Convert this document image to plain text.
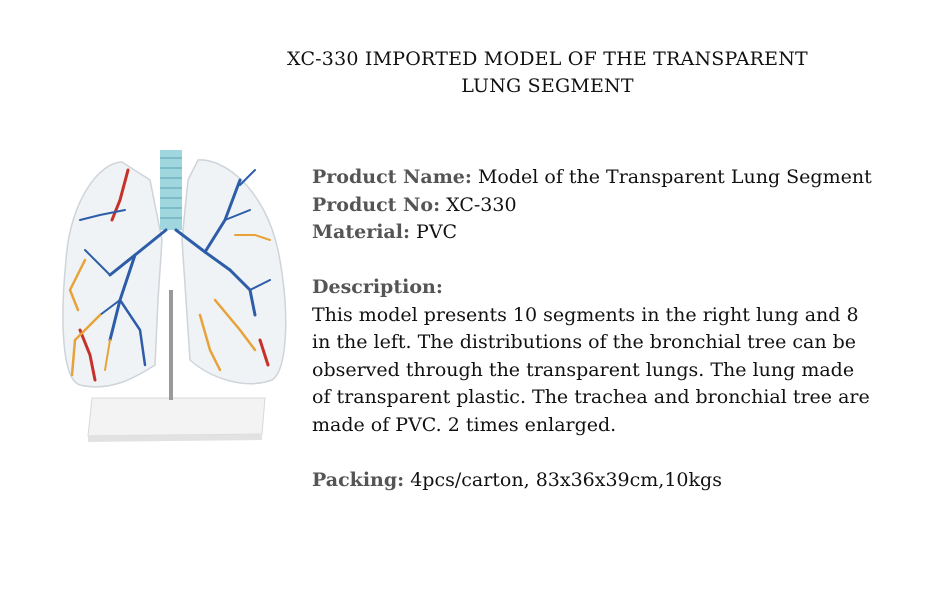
XC-330 IMPORTED MODEL OF THE TRANSPARENT
LUNG SEGMENT

Product Name: Model of the Transparent Lung Segment

Product No: XC-330

Material: PVC

Description:

This model presents 10 segments in the right lung and 8 in the left. The distributions of the bronchial tree can be observed through the transparent lungs. The lung made of transparent plastic. The trachea and bronchial tree are made of PVC. 2 times enlarged.

Packing: 4pcs/carton, 83x36x39cm,10kgs
